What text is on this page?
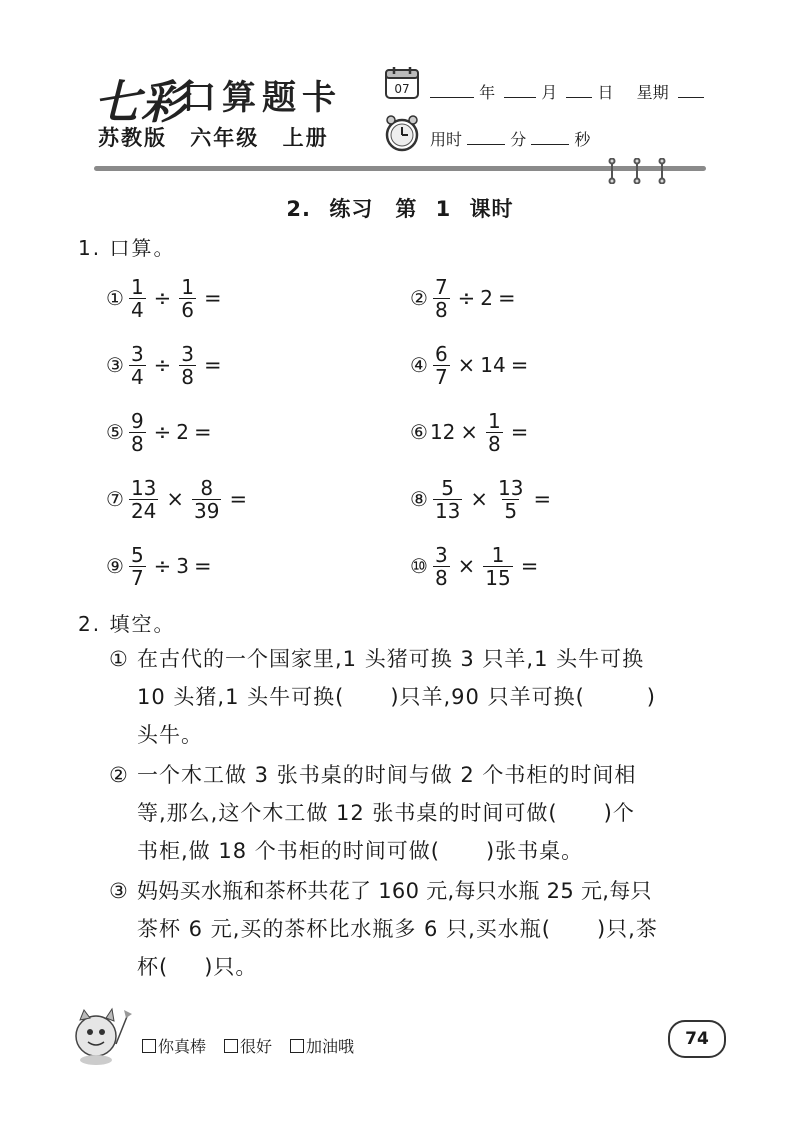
七彩
口算题卡
苏教版 六年级 上册
07	年	月	日 星期
用时	分	秒
2. 练习　第 1 课时
1. 口算。
① $\frac{1}{4} \div \frac{1}{6}$ =	② $\frac{7}{8} \div 2$ =
③ $\frac{3}{4} \div \frac{3}{8}$ =	④ $\frac{6}{7} \times 14$ =
⑤ $\frac{9}{8} \div 2$ =	⑥ $12 \times \frac{1}{8}$ =
⑦ $\frac{13}{24} \times \frac{8}{39}$ =	⑧ $\frac{5}{13} \times \frac{13}{5}$ =
⑨ $\frac{5}{7} \div 3$ =	⑩ $\frac{3}{8} \times \frac{1}{15}$ =
2. 填空。
① 在古代的一个国家里,1 头猪可换 3 只羊,1 头牛可换
10 头猪,1 头牛可换( )只羊,90 只羊可换(	)
头牛。
② 一个木工做 3 张书桌的时间与做 2 个书柜的时间相
等,那么,这个木工做 12 张书桌的时间可做( )个
书柜,做 18 个书柜的时间可做( )张书桌。
③ 妈妈买水瓶和茶杯共花了 160 元,每只水瓶 25 元,每只
茶杯 6 元,买的茶杯比水瓶多 6 只,买水瓶( )只,茶
杯( )只。
你真棒 很好 加油哦	74
